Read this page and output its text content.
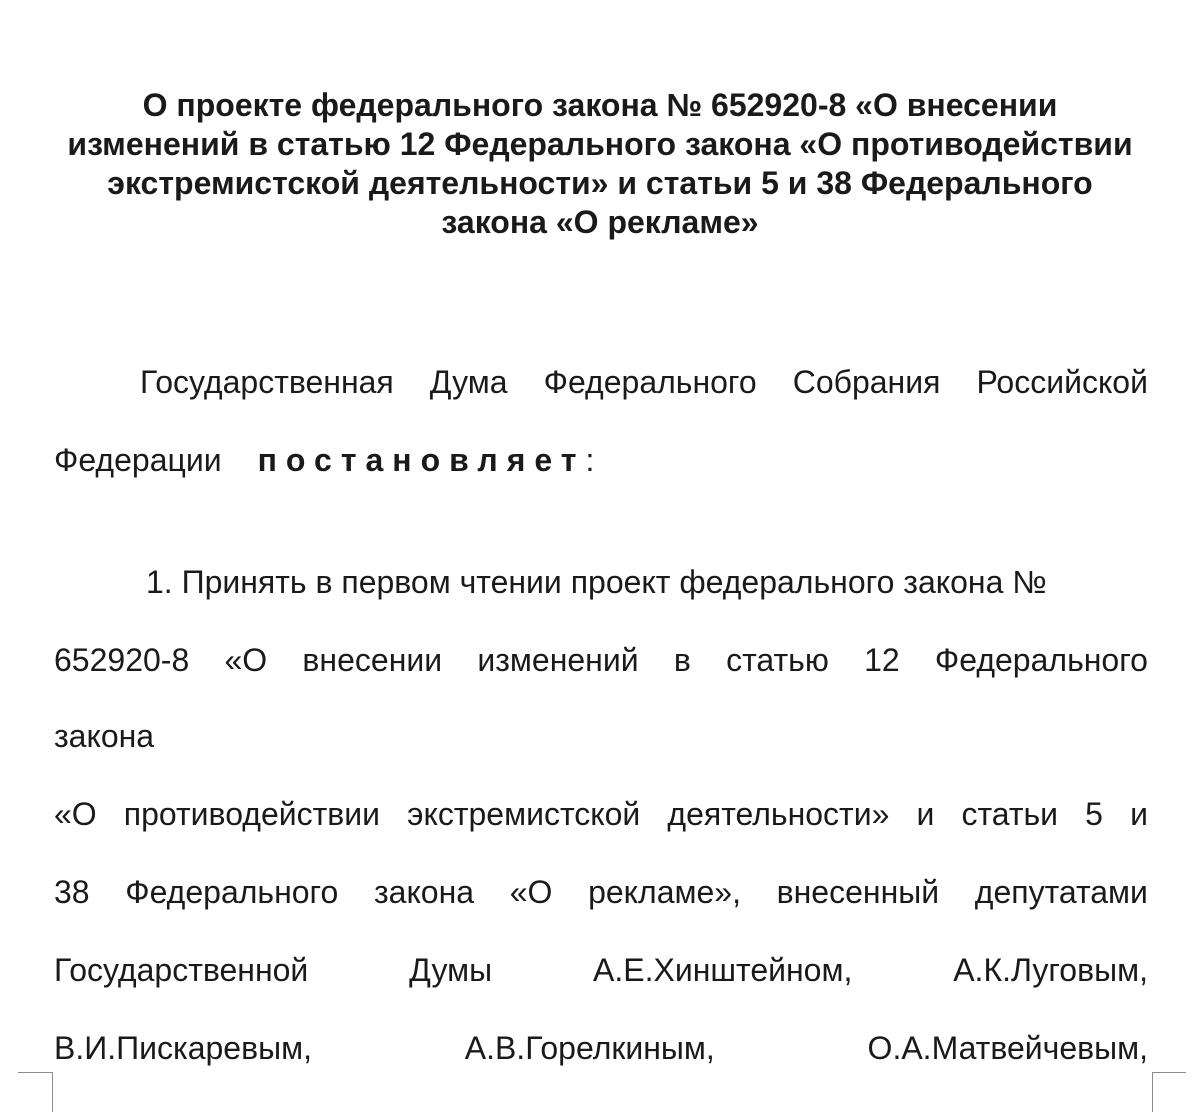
О проекте федерального закона № 652920-8 «О внесении
изменений в статью 12 Федерального закона «О противодействии
экстремистской деятельности» и статьи 5 и 38 Федерального
закона «О рекламе»

Государственная Дума Федерального Собрания Российской

Федерации постановляет:

1. Принять в первом чтении проект федерального закона №

652920-8 «О внесении изменений в статью 12 Федерального

закона

«О противодействии экстремистской деятельности» и статьи 5 и

38 Федерального закона «О рекламе», внесенный депутатами

Государственной	Думы	А.Е.Хинштейном,	А.К.Луговым,

В.И.Пискаревым,	А.В.Горелкиным,	О.А.Матвейчевым,
